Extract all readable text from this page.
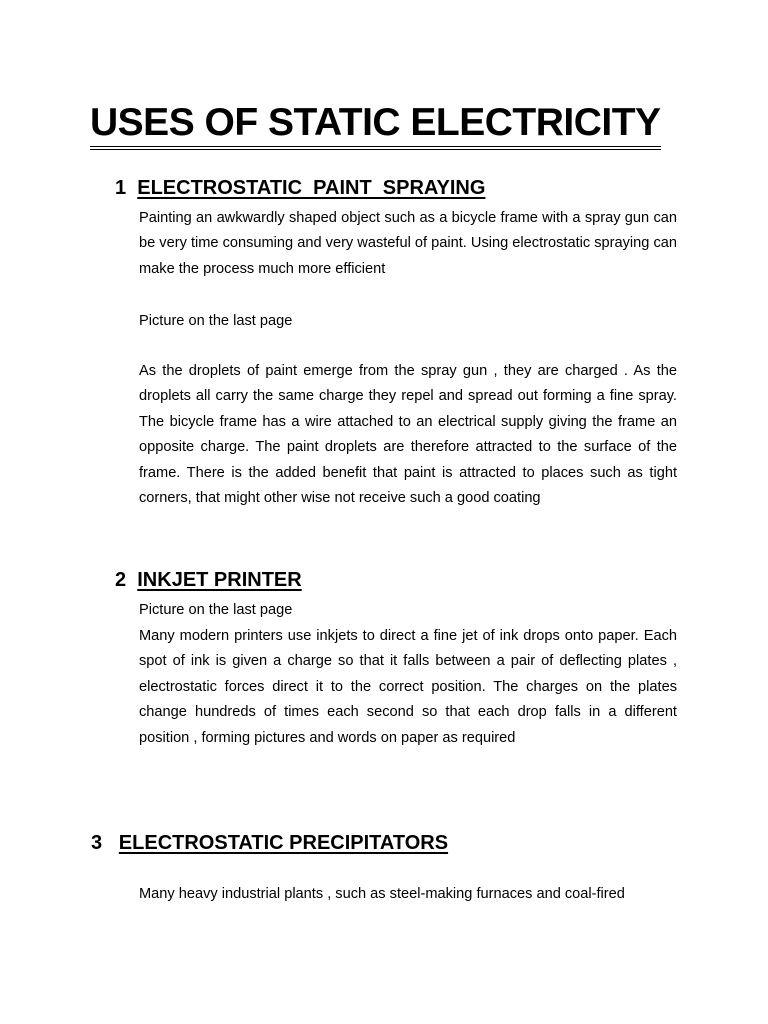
USES OF STATIC ELECTRICITY
1 ELECTROSTATIC  PAINT  SPRAYING

Painting an awkwardly shaped object such as a bicycle frame with a spray gun can be very time consuming and very wasteful of paint. Using electrostatic spraying can make the process much more efficient

Picture on the last page

As the droplets of paint emerge from the spray gun , they are charged . As the droplets all carry the same charge they repel and spread out forming a fine spray. The bicycle frame has a wire attached to an electrical supply giving the frame an opposite charge. The paint droplets are therefore attracted to the surface of the frame. There is the added benefit that paint is attracted to places such as tight corners, that might other wise not receive such a good coating

2 INKJET PRINTER

Picture on the last page

Many modern printers use inkjets to direct a fine jet of ink drops onto paper. Each spot of ink is given a charge so that it falls between a pair of deflecting plates , electrostatic forces direct it to the correct position. The charges on the plates change hundreds of times each second so that each drop falls in a different position , forming pictures and words on paper as required

3 ELECTROSTATIC PRECIPITATORS

Many heavy industrial plants , such as steel-making furnaces and coal-fired
